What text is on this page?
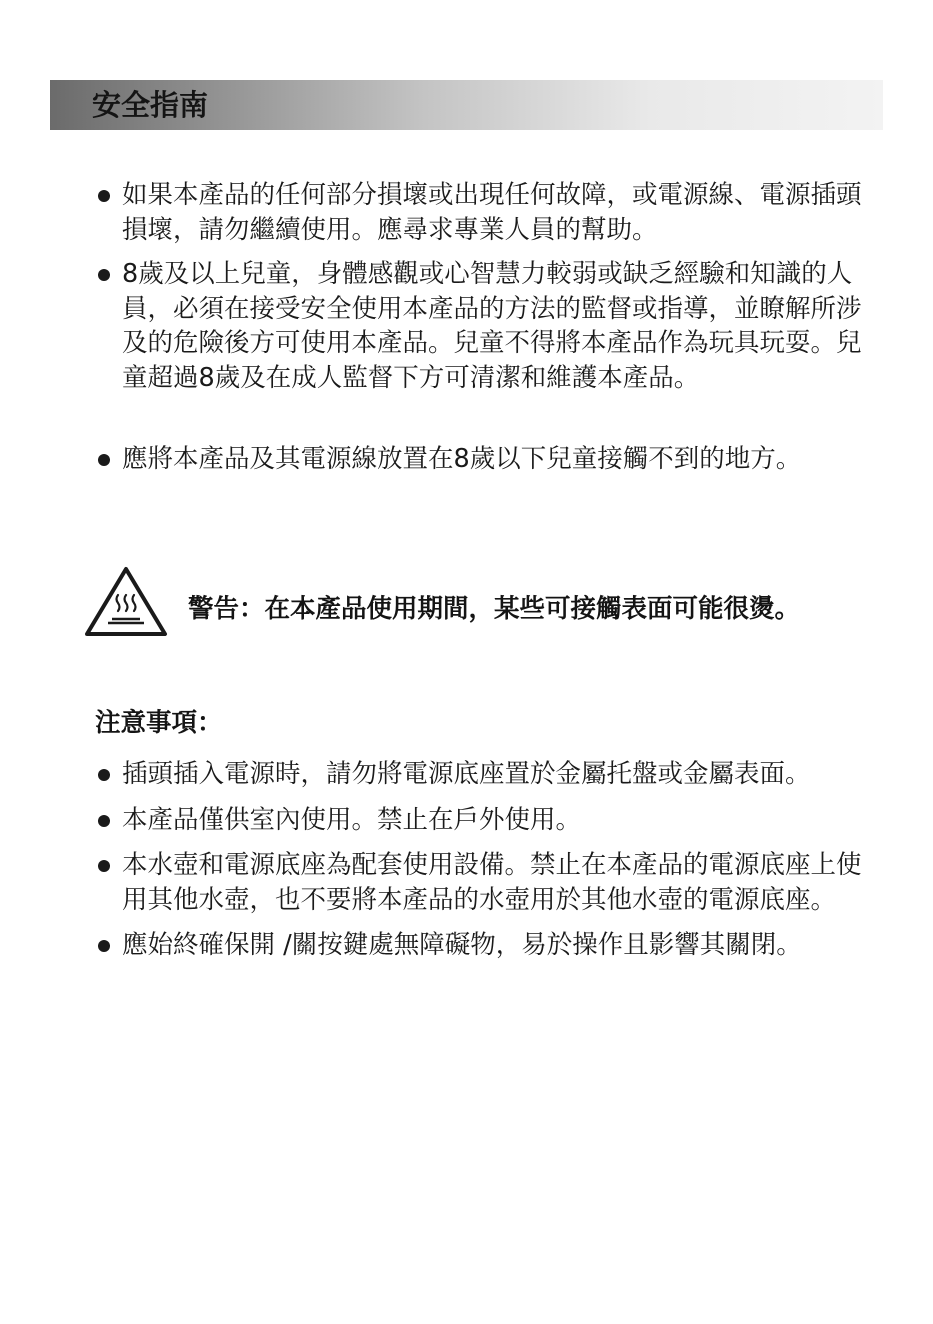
安全指南
如果本產品的任何部分損壞或出現任何故障，或電源線、電源插頭損壞，請勿繼續使用。應尋求專業人員的幫助。
8歲及以上兒童，身體感觀或心智慧力較弱或缺乏經驗和知識的人員，必須在接受安全使用本產品的方法的監督或指導，並瞭解所涉及的危險後方可使用本產品。兒童不得將本產品作為玩具玩耍。兒童超過8歲及在成人監督下方可清潔和維護本產品。
應將本產品及其電源線放置在8歲以下兒童接觸不到的地方。
警告：在本產品使用期間，某些可接觸表面可能很燙。
注意事項：
插頭插入電源時，請勿將電源底座置於金屬托盤或金屬表面。
本產品僅供室內使用。禁止在戶外使用。
本水壺和電源底座為配套使用設備。禁止在本產品的電源底座上使用其他水壺，也不要將本產品的水壺用於其他水壺的電源底座。
應始終確保開 /關按鍵處無障礙物，易於操作且影響其關閉。
